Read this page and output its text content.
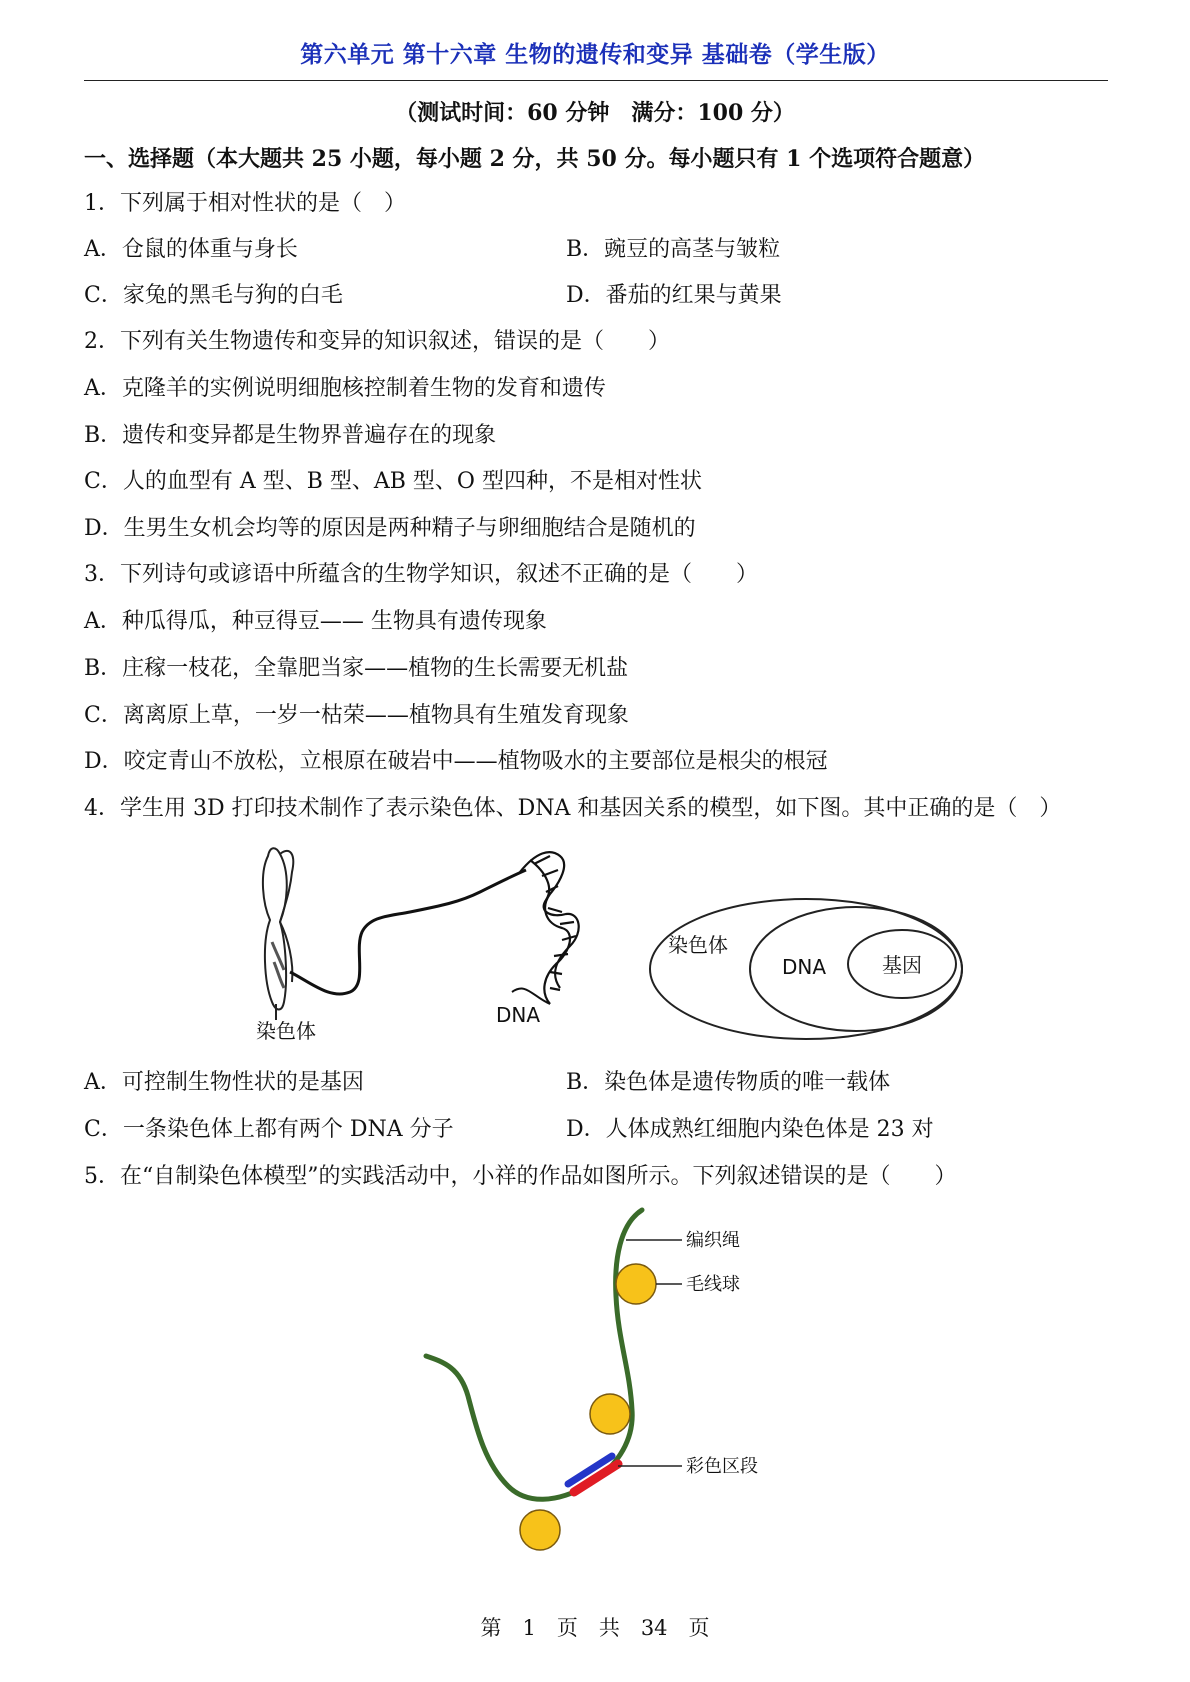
第六单元 第十六章 生物的遗传和变异 基础卷（学生版）
（测试时间：60 分钟　满分：100 分）
一、选择题（本大题共 25 小题，每小题 2 分，共 50 分。每小题只有 1 个选项符合题意）
1．下列属于相对性状的是（　）
A．仓鼠的体重与身长	B．豌豆的高茎与皱粒
C．家兔的黑毛与狗的白毛	D．番茄的红果与黄果
2．下列有关生物遗传和变异的知识叙述，错误的是（　　）
A．克隆羊的实例说明细胞核控制着生物的发育和遗传
B．遗传和变异都是生物界普遍存在的现象
C．人的血型有 A 型、B 型、AB 型、O 型四种，不是相对性状
D．生男生女机会均等的原因是两种精子与卵细胞结合是随机的
3．下列诗句或谚语中所蕴含的生物学知识，叙述不正确的是（　　）
A．种瓜得瓜，种豆得豆—— 生物具有遗传现象
B．庄稼一枝花，全靠肥当家——植物的生长需要无机盐
C．离离原上草，一岁一枯荣——植物具有生殖发育现象
D．咬定青山不放松，立根原在破岩中——植物吸水的主要部位是根尖的根冠
4．学生用 3D 打印技术制作了表示染色体、DNA 和基因关系的模型，如下图。其中正确的是（　）
染色体
DNA
染色体
DNA	基因
A．可控制生物性状的是基因	B．染色体是遗传物质的唯一载体
C．一条染色体上都有两个 DNA 分子	D．人体成熟红细胞内染色体是 23 对
5．在“自制染色体模型”的实践活动中，小祥的作品如图所示。下列叙述错误的是（　　）
编织绳
毛线球
彩色区段
第　1　页　共　34　页
